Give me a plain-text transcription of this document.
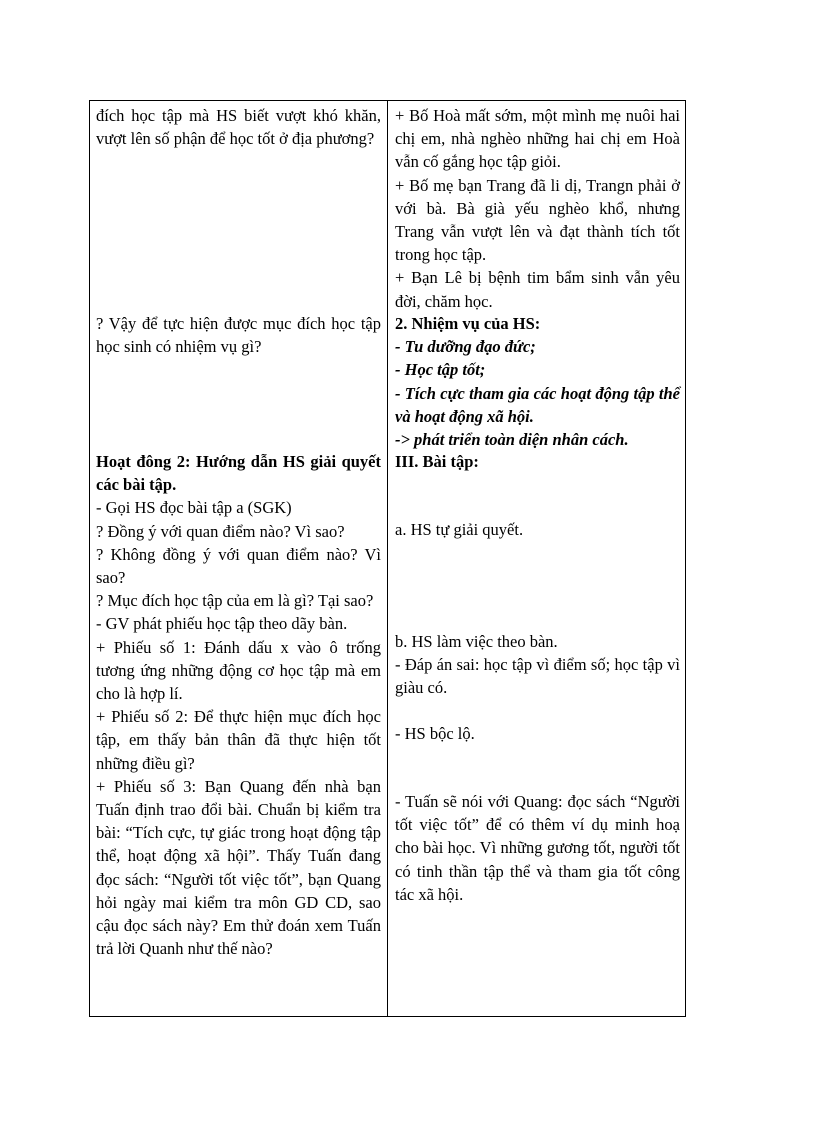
đích học tập mà HS biết vượt khó khăn, vượt lên số phận để học tốt ở địa phương?

? Vậy để tực hiện được mục đích học tập học sinh có nhiệm vụ gì?

Hoạt đông 2: Hướng dẫn HS giải quyết các bài tập.

- Gọi HS đọc bài tập a (SGK)

? Đồng ý với quan điểm nào? Vì sao?

? Không đồng ý với quan điểm nào? Vì sao?

? Mục đích học tập của em là gì? Tại sao?

- GV phát phiếu học tập theo dãy bàn.

+ Phiếu số 1: Đánh dấu x vào ô trống tương ứng những động cơ học tập mà em cho là hợp lí.

+ Phiếu số 2: Để thực hiện mục đích học tập, em thấy bản thân đã thực hiện tốt những điều gì?

+ Phiếu số 3: Bạn Quang đến nhà bạn Tuấn định trao đổi bài. Chuẩn bị kiểm tra bài: “Tích cực, tự giác trong hoạt động tập thể, hoạt động xã hội”. Thấy Tuấn đang đọc sách: “Người tốt việc tốt”, bạn Quang hỏi ngày mai kiểm tra môn GD CD, sao cậu đọc sách này? Em thử đoán xem Tuấn trả lời Quanh như thế nào?

+ Bố Hoà mất sớm, một mình mẹ nuôi hai chị em, nhà nghèo những hai chị em Hoà vẫn cố gắng học tập giỏi.

+ Bố mẹ bạn Trang đã li dị, Trangn phải ở với bà. Bà già yếu nghèo khổ, nhưng Trang vẫn vượt lên và đạt thành tích tốt trong học tập.

+ Bạn Lê bị bệnh tim bẩm sinh vẫn yêu đời, chăm học.

2. Nhiệm vụ của HS:

- Tu dưỡng đạo đức;

- Học tập tốt;

- Tích cực tham gia các hoạt động tập thể và hoạt động xã hội.

-> phát triển toàn diện nhân cách.

III. Bài tập:

a. HS tự giải quyết.

b. HS làm việc theo bàn.

- Đáp án sai: học tập vì điểm số; học tập vì giàu có.

- HS bộc lộ.

- Tuấn sẽ nói với Quang: đọc sách “Người tốt việc tốt” để có thêm ví dụ minh hoạ cho bài học. Vì những gương tốt, người tốt có tinh thần tập thể và tham gia tốt công tác xã hội.
